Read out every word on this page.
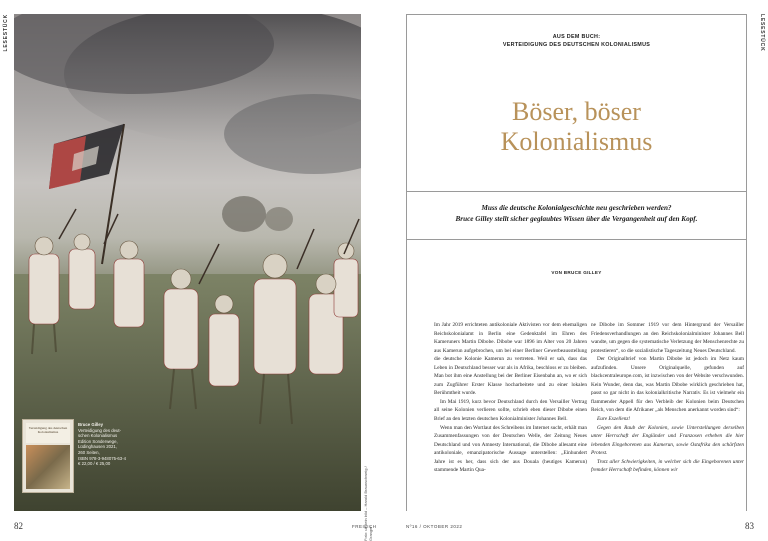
LESESTÜCK	LESESTÜCK
Verteidigung des deutschen Kolonialismus
Bruce Gilley
Verteidigung des deut-
schen Kolonialismus
Edition Sonderwege,
Lüdinghausen 2021,
260 Seiten,
ISBN 978-3-948075-63-4
€ 22,00 / € 25,00
Foto: ullstein bild – Harald Braunschweig / Granger
AUS DEM BUCH:
VERTEIDIGUNG DES DEUTSCHEN KOLONIALISMUS
Böser, böser
Kolonialismus
Muss die deutsche Kolonialgeschichte neu geschrieben werden?
Bruce Gilley stellt sicher geglaubtes Wissen über die Vergangenheit auf den Kopf.
VON BRUCE GILLEY

Im Jahr 2019 errichteten antikoloniale Aktivisten vor dem ehemaligen Reichskolonialamt in Berlin eine Gedenktafel im Ehren des Kameruners Martin Dibobe. Dibobe war 1896 im Alter von 20 Jahren aus Kamerun aufgebrochen, um bei einer Berliner Gewerbeausstellung die deutsche Kolonie Kamerun zu vertreten. Weil er sah, dass das Leben in Deutschland besser war als in Afrika, beschloss er zu bleiben. Man bot ihm eine Anstellung bei der Berliner Eisenbahn an, wo er sich zum Zugführer Erster Klasse hocharbeitete und zu einer lokalen Berühmtheit wurde.

Im Mai 1919, kurz bevor Deutschland durch den Versailler Vertrag all seine Kolonien verlieren sollte, schrieb eben dieser Dibobe einen Brief an den letzten deutschen Kolonialminister Johannes Bell.

Wenn man den Wortlaut des Schreibens im Internet sucht, erhält man Zusammenfassungen von der Deutschen Welle, der Zeitung Neues Deutschland und von Amnesty International, die Dibobe allesamt eine antikoloniale, emanzipatorische Aussage unterstellen: „Einhundert Jahre ist es her, dass sich der aus Douala (heutiges Kamerun) stammende Martin Qua-

ne Dibobe im Sommer 1919 vor dem Hintergrund der Versailler Friedensverhandlungen an den Reichskolonialminister Johannes Bell wandte, um gegen die systematische Verletzung der Menschenrechte zu protestieren“, so die sozialistische Tageszeitung Neues Deutschland.

Der Originalbrief von Martin Dibobe ist jedoch im Netz kaum aufzufinden. Unsere Originalquelle, gefunden auf blackcentraleurope.com, ist inzwischen von der Website verschwunden. Kein Wunder, denn das, was Martin Dibobe wirklich geschrieben hat, passt so gar nicht in das kolonialkritische Narrativ. Es ist vielmehr ein flammender Appell für den Verbleib der Kolonien beim Deutschen Reich, von dem die Afrikaner „als Menschen anerkannt worden sind“:

Eure Exzellenz!

Gegen den Raub der Kolonien, sowie Unterstellungen derselben unter Herrschaft der Engländer und Franzosen erheben die hier lebenden Eingeborenen aus Kamerun, sowie Ostafrika den schärfsten Protest.

Trotz aller Schwierigkeiten, in welcher sich die Eingeborenen unter fremder Herrschaft befinden, können wir

82	FREILICH	Nº16 / OKTOBER 2022	83
